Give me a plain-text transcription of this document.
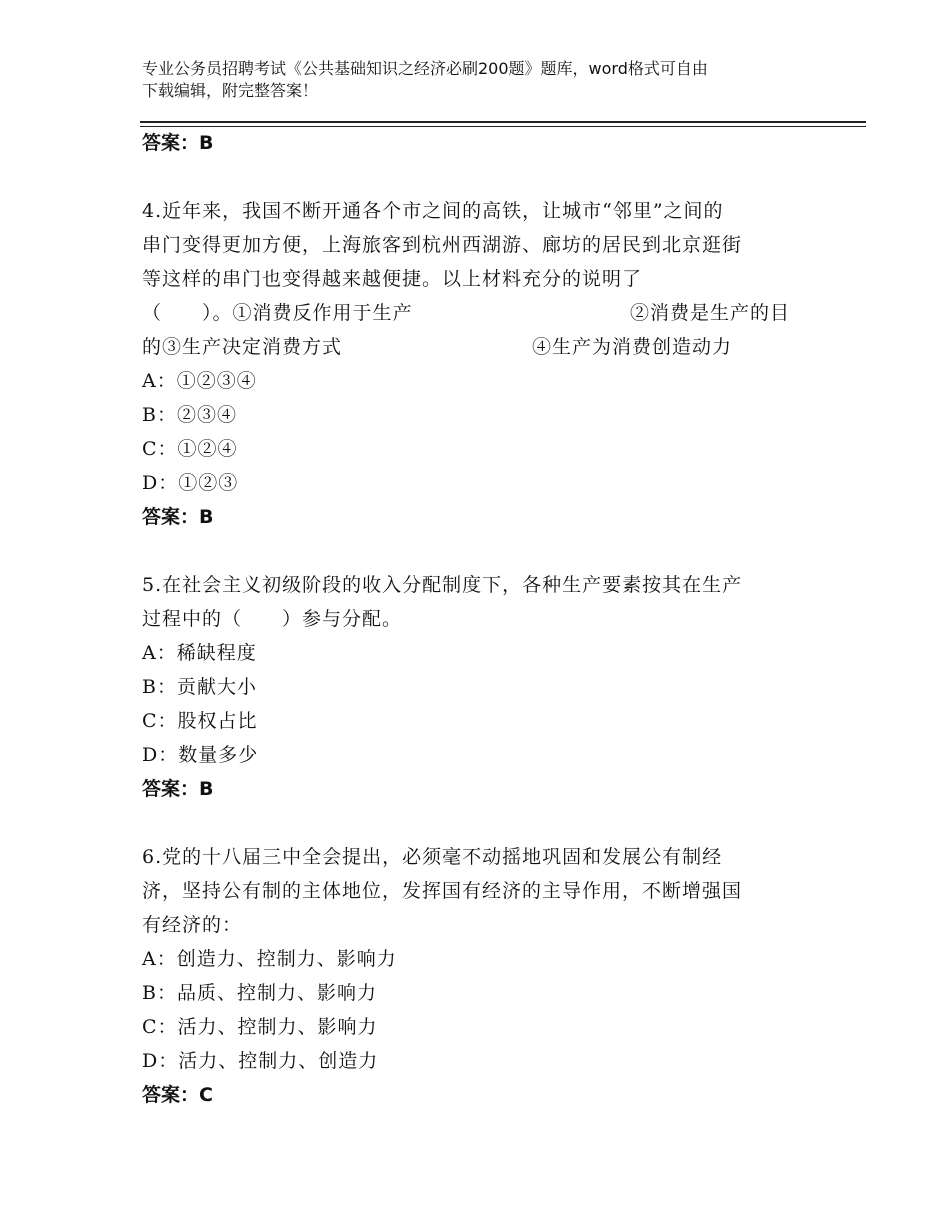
专业公务员招聘考试《公共基础知识之经济必刷200题》题库，word格式可自由
下载编辑，附完整答案！
答案：B
4.近年来，我国不断开通各个市之间的高铁，让城市“邻里”之间的
串门变得更加方便，上海旅客到杭州西湖游、廊坊的居民到北京逛街
等这样的串门也变得越来越便捷。以上材料充分的说明了
（　　）。①消费反作用于生产	②消费是生产的目
的③生产决定消费方式	④生产为消费创造动力
A：①②③④
B：②③④
C：①②④
D：①②③
答案：B
5.在社会主义初级阶段的收入分配制度下，各种生产要素按其在生产
过程中的（　　）参与分配。
A：稀缺程度
B：贡献大小
C：股权占比
D：数量多少
答案：B
6.党的十八届三中全会提出，必须毫不动摇地巩固和发展公有制经
济，坚持公有制的主体地位，发挥国有经济的主导作用，不断增强国
有经济的：
A：创造力、控制力、影响力
B：品质、控制力、影响力
C：活力、控制力、影响力
D：活力、控制力、创造力
答案：C
